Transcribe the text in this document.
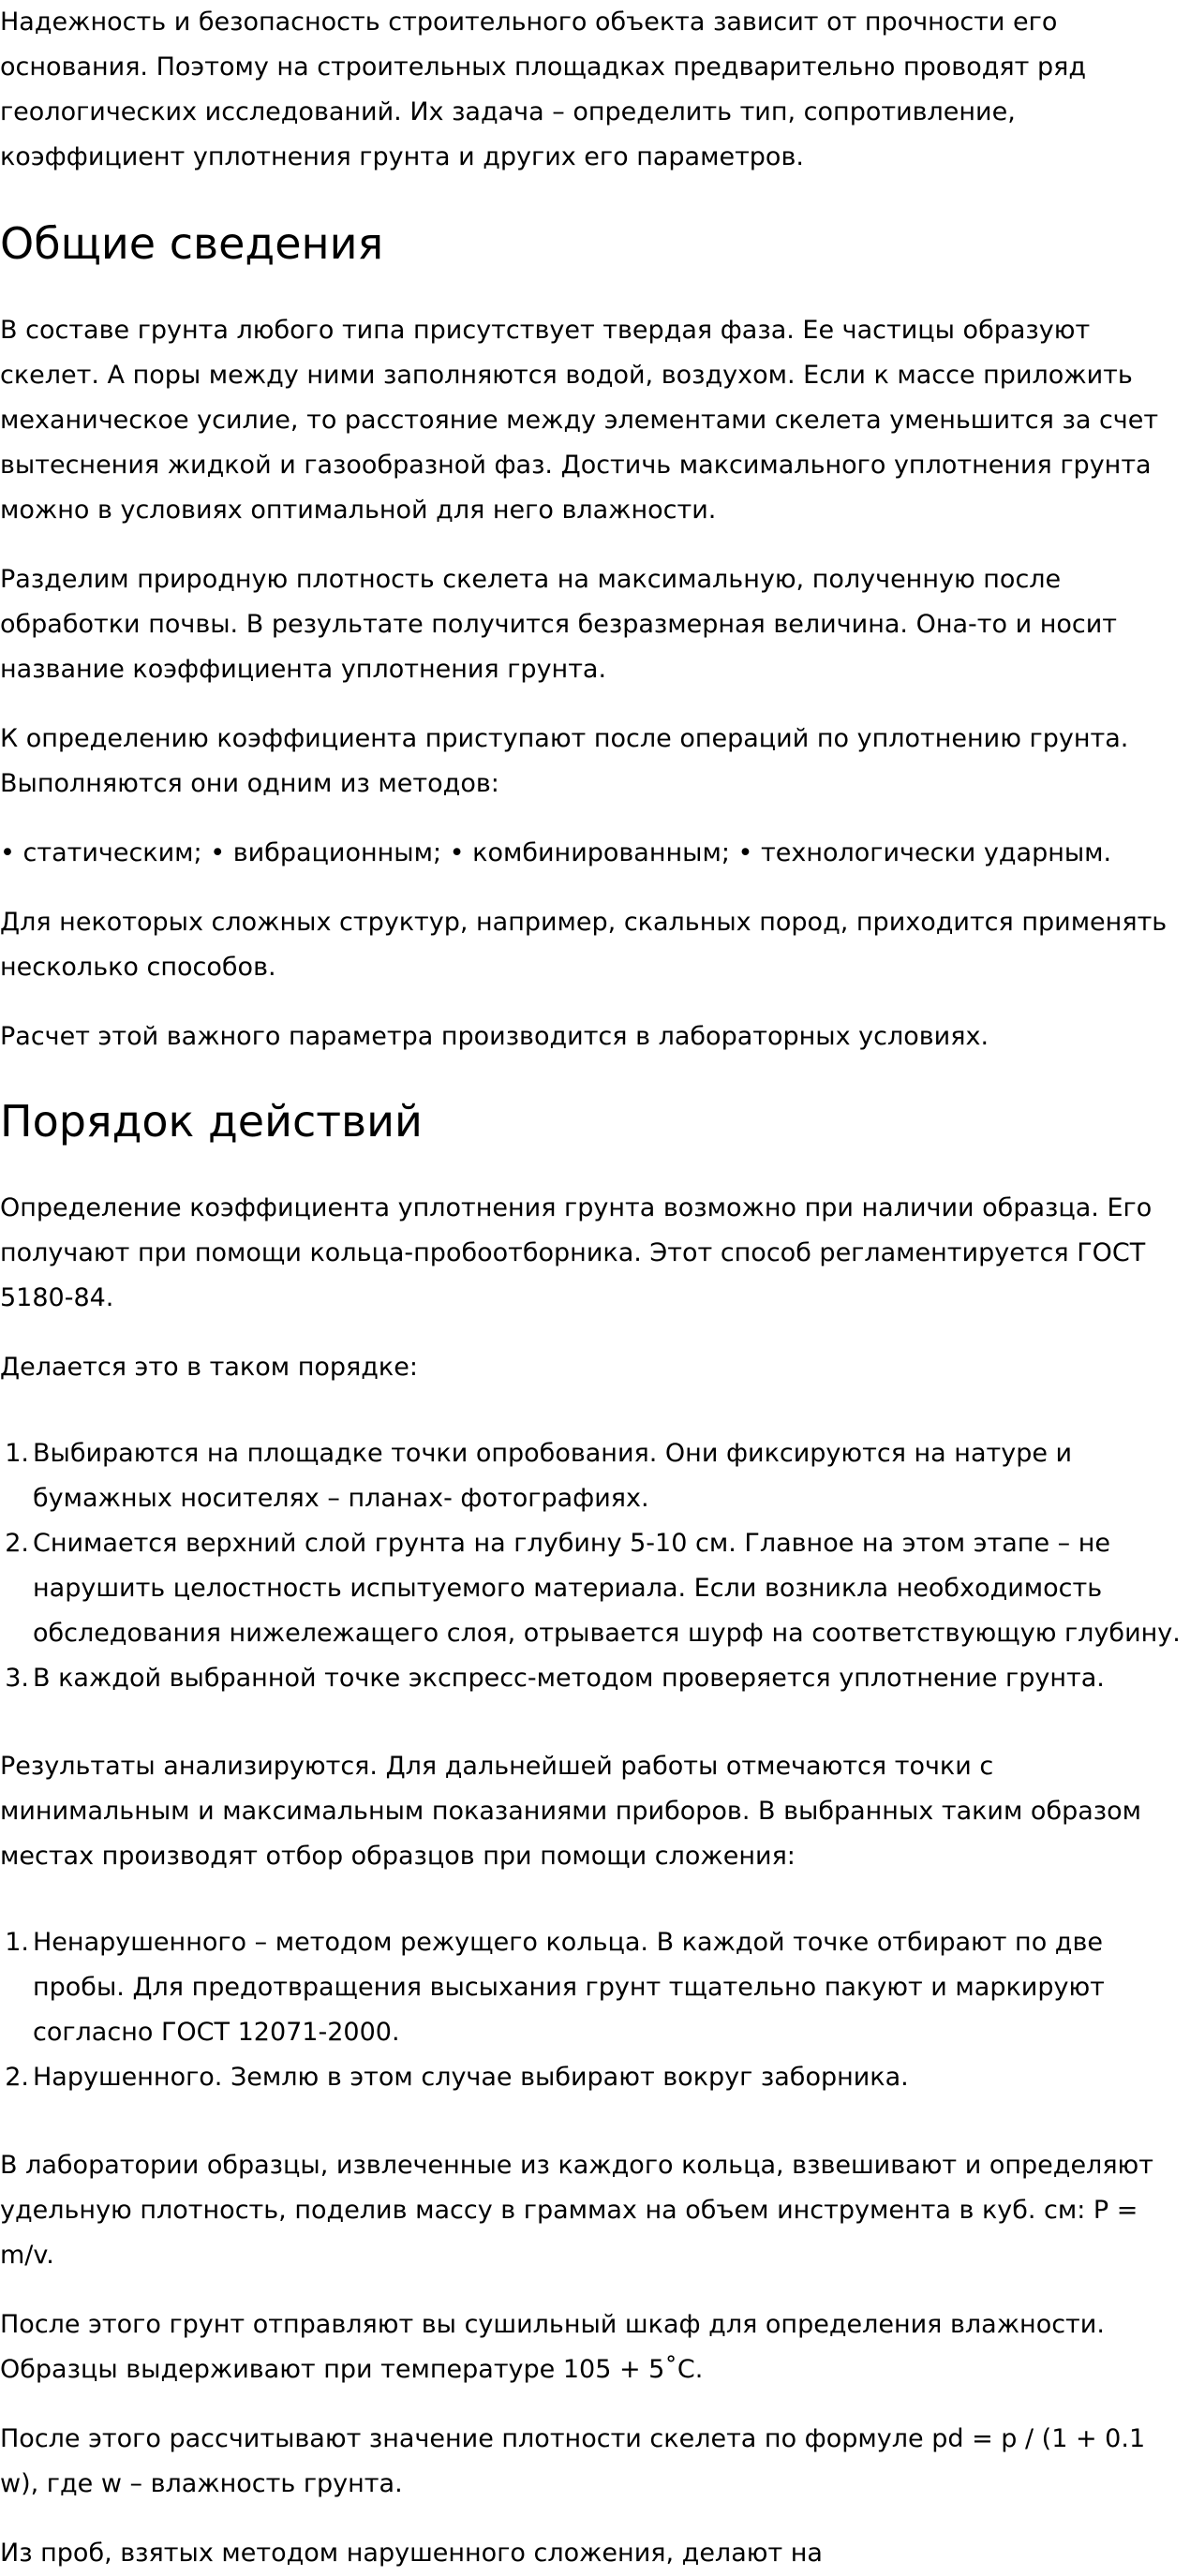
Надежность и безопасность строительного объекта зависит от прочности его основания. Поэтому на строительных площадках предварительно проводят ряд геологических исследований. Их задача – определить тип, сопротивление, коэффициент уплотнения грунта и других его параметров.

Общие сведения

В составе грунта любого типа присутствует твердая фаза. Ее частицы образуют скелет. А поры между ними заполняются водой, воздухом. Если к массе приложить механическое усилие, то расстояние между элементами скелета уменьшится за счет вытеснения жидкой и газообразной фаз. Достичь максимального уплотнения грунта можно в условиях оптимальной для него влажности.

Разделим природную плотность скелета на максимальную, полученную после обработки почвы. В результате получится безразмерная величина. Она-то и носит название коэффициента уплотнения грунта.

К определению коэффициента приступают после операций по уплотнению грунта. Выполняются они одним из методов:

• статическим; • вибрационным; • комбинированным; • технологически ударным.

Для некоторых сложных структур, например, скальных пород, приходится применять несколько способов.

Расчет этой важного параметра производится в лабораторных условиях.

Порядок действий

Определение коэффициента уплотнения грунта возможно при наличии образца. Его получают при помощи кольца-пробоотборника. Этот способ регламентируется ГОСТ 5180-84.

Делается это в таком порядке:

Выбираются на площадке точки опробования. Они фиксируются на натуре и бумажных носителях – планах- фотографиях.
Снимается верхний слой грунта на глубину 5-10 см. Главное на этом этапе – не нарушить целостность испытуемого материала. Если возникла необходимость обследования нижележащего слоя, отрывается шурф на соответствующую глубину.
В каждой выбранной точке экспресс-методом проверяется уплотнение грунта.

Результаты анализируются. Для дальнейшей работы отмечаются точки с минимальным и максимальным показаниями приборов. В выбранных таким образом местах производят отбор образцов при помощи сложения:

Ненарушенного – методом режущего кольца. В каждой точке отбирают по две пробы. Для предотвращения высыхания грунт тщательно пакуют и маркируют согласно ГОСТ 12071-2000.
Нарушенного. Землю в этом случае выбирают вокруг заборника.

В лаборатории образцы, извлеченные из каждого кольца, взвешивают и определяют удельную плотность, поделив массу в граммах на объем инструмента в куб. см: P = m/v.

После этого грунт отправляют вы сушильный шкаф для определения влажности. Образцы выдерживают при температуре 105 + 5˚С.

После этого рассчитывают значение плотности скелета по формуле pd = p / (1 + 0.1 w), где w – влажность грунта.

Из проб, взятых методом нарушенного сложения, делают на
